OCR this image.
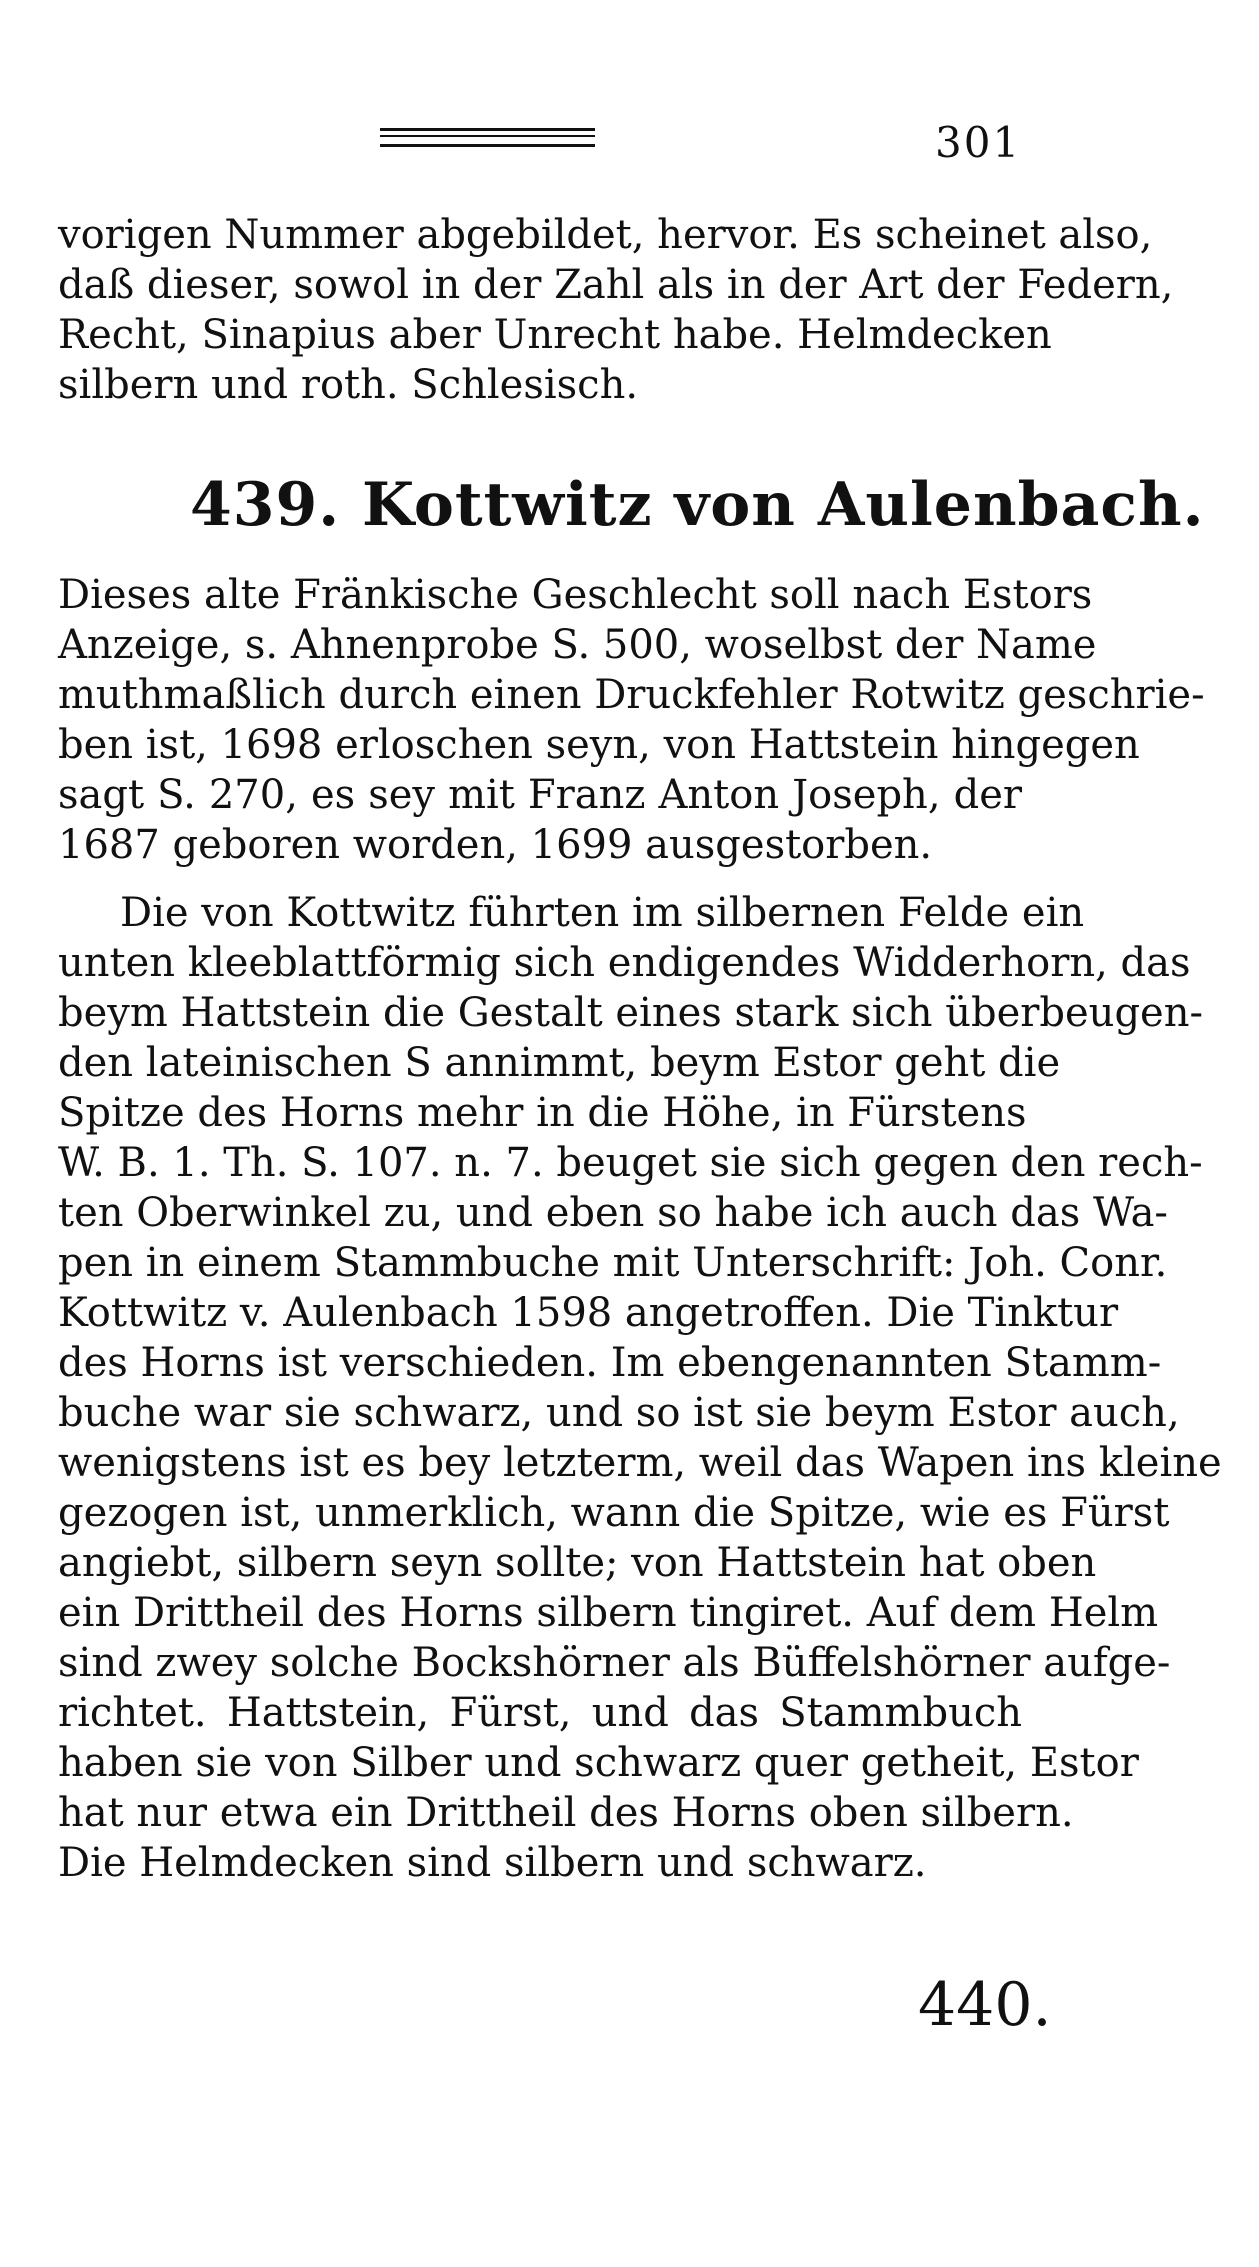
301
vorigen Nummer abgebildet, hervor. Es scheinet also,
daß dieser, sowol in der Zahl als in der Art der Federn,
Recht, Sinapius aber Unrecht habe. Helmdecken
silbern und roth. Schlesisch.
439. Kottwitz von Aulenbach.
Dieses alte Fränkische Geschlecht soll nach Estors
Anzeige, s. Ahnenprobe S. 500, woselbst der Name
muthmaßlich durch einen Druckfehler Rotwitz geschrie-
ben ist, 1698 erloschen seyn, von Hattstein hingegen
sagt S. 270, es sey mit Franz Anton Joseph, der
1687 geboren worden, 1699 ausgestorben.
Die von Kottwitz führten im silbernen Felde ein
unten kleeblattförmig sich endigendes Widderhorn, das
beym Hattstein die Gestalt eines stark sich überbeugen-
den lateinischen S annimmt, beym Estor geht die
Spitze des Horns mehr in die Höhe, in Fürstens
W. B. 1. Th. S. 107. n. 7. beuget sie sich gegen den rech-
ten Oberwinkel zu, und eben so habe ich auch das Wa-
pen in einem Stammbuche mit Unterschrift: Joh. Conr.
Kottwitz v. Aulenbach 1598 angetroffen. Die Tinktur
des Horns ist verschieden. Im ebengenannten Stamm-
buche war sie schwarz, und so ist sie beym Estor auch,
wenigstens ist es bey letzterm, weil das Wapen ins kleine
gezogen ist, unmerklich, wann die Spitze, wie es Fürst
angiebt, silbern seyn sollte; von Hattstein hat oben
ein Drittheil des Horns silbern tingiret. Auf dem Helm
sind zwey solche Bockshörner als Büffelshörner aufge-
richtet. Hattstein, Fürst, und das Stammbuch
haben sie von Silber und schwarz quer getheit, Estor
hat nur etwa ein Drittheil des Horns oben silbern.
Die Helmdecken sind silbern und schwarz.
440.
